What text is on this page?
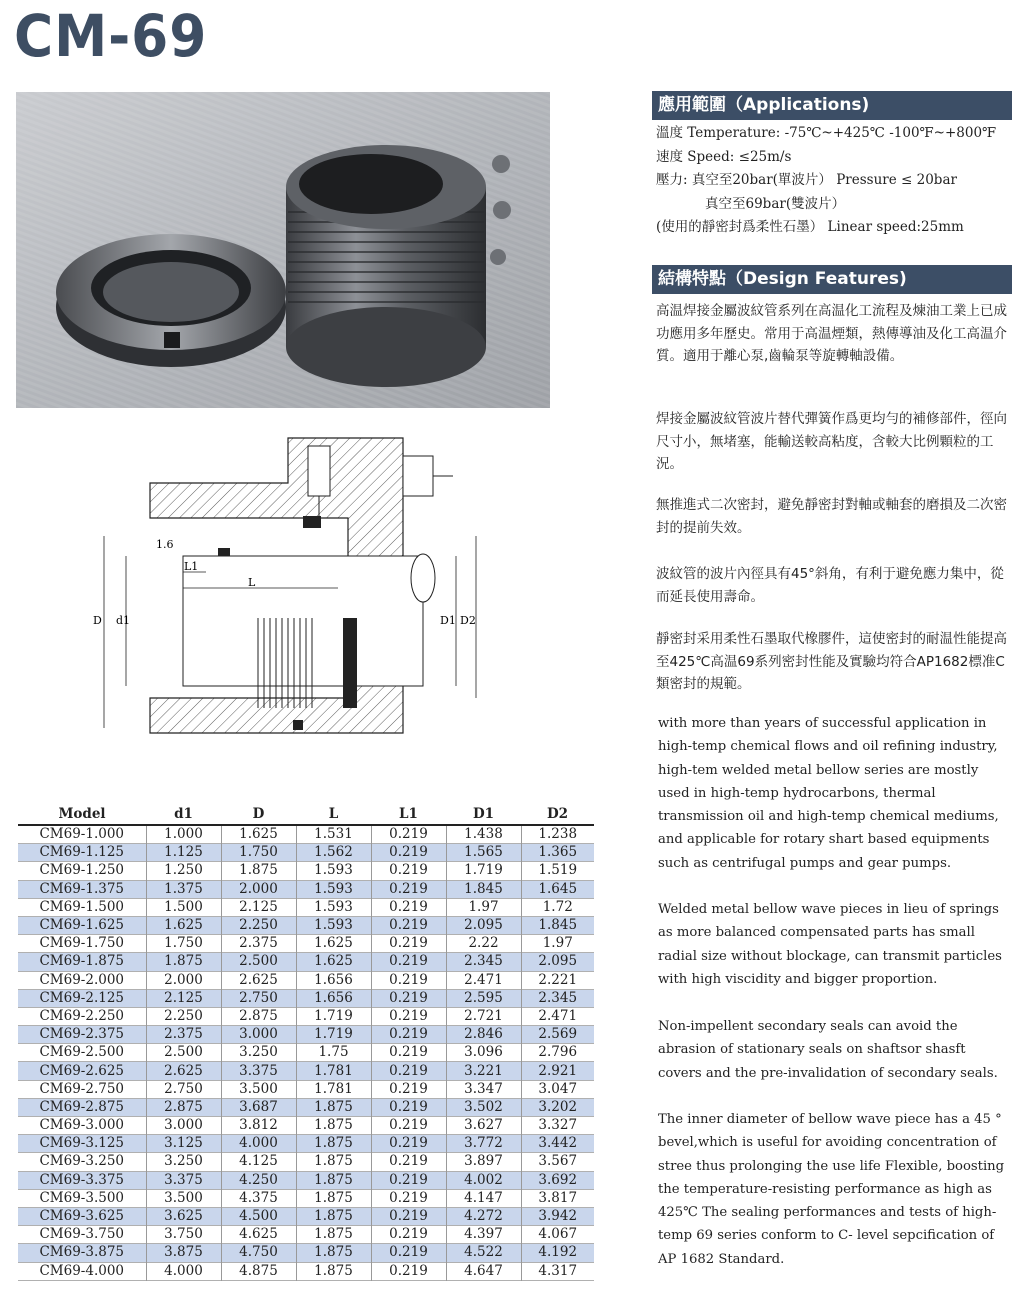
CM-69
D d1	D1 D2
L
L1
1.6
Model	d1	D	L	L1	D1	D2
CM69-1.000	1.000	1.625	1.531	0.219	1.438	1.238
CM69-1.125	1.125	1.750	1.562	0.219	1.565	1.365
CM69-1.250	1.250	1.875	1.593	0.219	1.719	1.519
CM69-1.375	1.375	2.000	1.593	0.219	1.845	1.645
CM69-1.500	1.500	2.125	1.593	0.219	1.97	1.72
CM69-1.625	1.625	2.250	1.593	0.219	2.095	1.845
CM69-1.750	1.750	2.375	1.625	0.219	2.22	1.97
CM69-1.875	1.875	2.500	1.625	0.219	2.345	2.095
CM69-2.000	2.000	2.625	1.656	0.219	2.471	2.221
CM69-2.125	2.125	2.750	1.656	0.219	2.595	2.345
CM69-2.250	2.250	2.875	1.719	0.219	2.721	2.471
CM69-2.375	2.375	3.000	1.719	0.219	2.846	2.569
CM69-2.500	2.500	3.250	1.75	0.219	3.096	2.796
CM69-2.625	2.625	3.375	1.781	0.219	3.221	2.921
CM69-2.750	2.750	3.500	1.781	0.219	3.347	3.047
CM69-2.875	2.875	3.687	1.875	0.219	3.502	3.202
CM69-3.000	3.000	3.812	1.875	0.219	3.627	3.327
CM69-3.125	3.125	4.000	1.875	0.219	3.772	3.442
CM69-3.250	3.250	4.125	1.875	0.219	3.897	3.567
CM69-3.375	3.375	4.250	1.875	0.219	4.002	3.692
CM69-3.500	3.500	4.375	1.875	0.219	4.147	3.817
CM69-3.625	3.625	4.500	1.875	0.219	4.272	3.942
CM69-3.750	3.750	4.625	1.875	0.219	4.397	4.067
CM69-3.875	3.875	4.750	1.875	0.219	4.522	4.192
CM69-4.000	4.000	4.875	1.875	0.219	4.647	4.317
應用範圍（Applications)
溫度 Temperature: -75℃~+425℃ -100℉~+800℉
速度 Speed: ≤25m/s
壓力: 真空至20bar(單波片） Pressure ≤ 20bar
真空至69bar(雙波片）
(使用的靜密封爲柔性石墨） Linear speed:25mm
結構特點（Design Features)
高温焊接金屬波紋管系列在高温化工流程及煉油工業上已成功應用多年歷史。常用于高温煙類，熱傳導油及化工高温介質。適用于離心泵,齒輪泵等旋轉軸設備。
焊接金屬波紋管波片替代彈簧作爲更均勻的補修部件，徑向尺寸小，無堵塞，能輸送較高粘度，含較大比例顆粒的工況。
無推進式二次密封，避免靜密封對軸或軸套的磨損及二次密封的提前失效。
波紋管的波片內徑具有45°斜角，有利于避免應力集中，從而延長使用壽命。
靜密封采用柔性石墨取代橡膠件，這使密封的耐温性能提高至425℃高温69系列密封性能及實驗均符合AP1682標准C類密封的規範。
with more than years of successful application in high-temp chemical flows and oil refining industry, high-tem welded metal bellow series are mostly used in high-temp hydrocarbons, thermal transmission oil and high-temp chemical mediums, and applicable for rotary shart based equipments such as centrifugal pumps and gear pumps.
Welded metal bellow wave pieces in lieu of springs as more balanced compensated parts has small radial size without blockage, can transmit particles with high viscidity and bigger proportion.
Non-impellent secondary seals can avoid the abrasion of stationary seals on shaftsor shasft covers and the pre-invalidation of secondary seals.
The inner diameter of bellow wave piece has a 45 ° bevel,which is useful for avoiding concentration of stree thus prolonging the use life Flexible, boosting the temperature-resisting performance as high as 425℃ The sealing performances and tests of high-temp 69 series conform to C- level sepcification of AP 1682 Standard.
